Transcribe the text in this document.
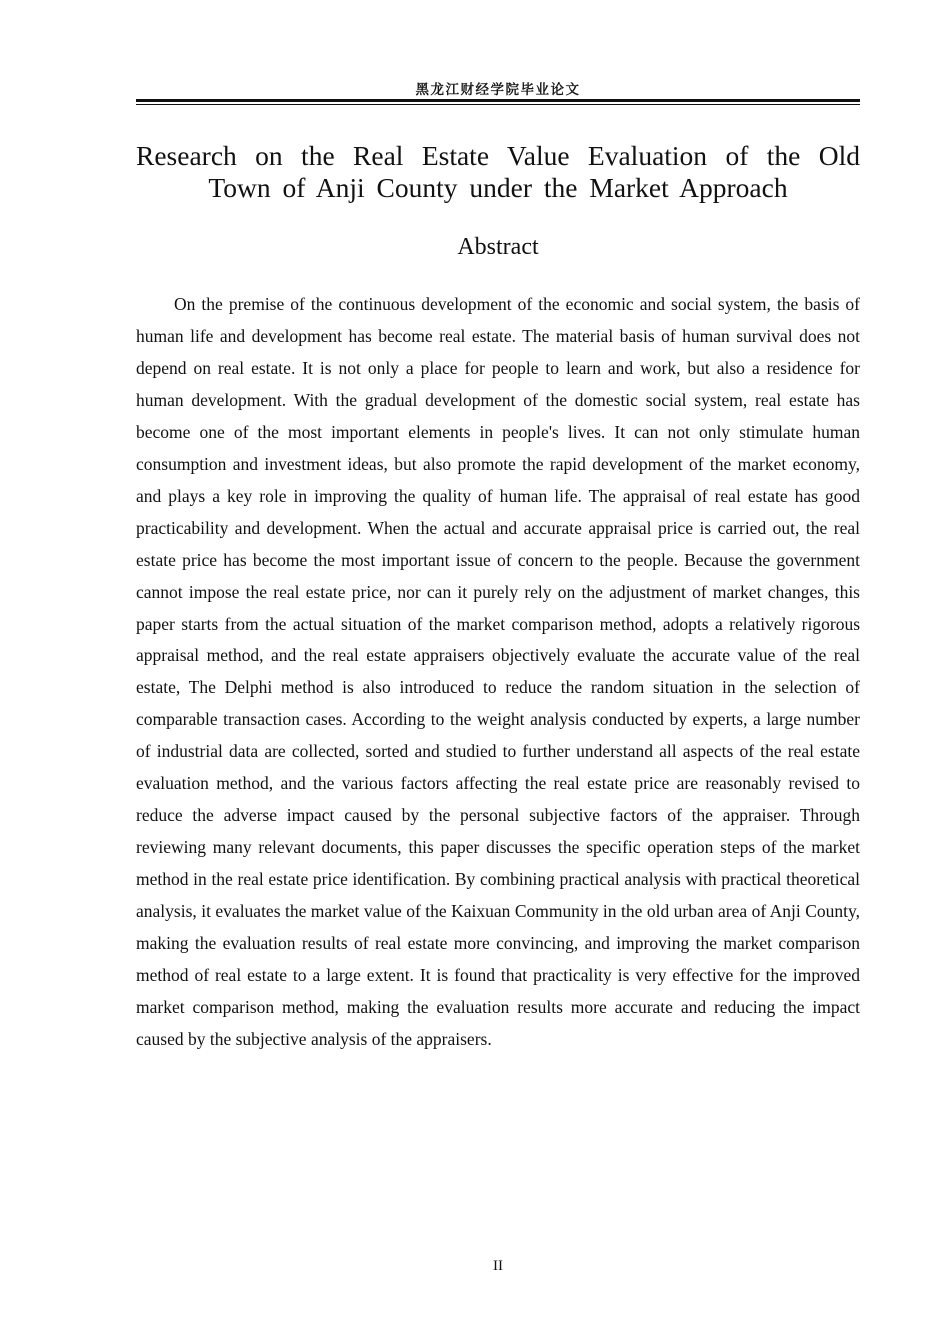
黑龙江财经学院毕业论文
Research on the Real Estate Value Evaluation of the Old Town of Anji County under the Market Approach
Abstract

On the premise of the continuous development of the economic and social system, the basis of human life and development has become real estate. The material basis of human survival does not depend on real estate. It is not only a place for people to learn and work, but also a residence for human development. With the gradual development of the domestic social system, real estate has become one of the most important elements in people's lives. It can not only stimulate human consumption and investment ideas, but also promote the rapid development of the market economy, and plays a key role in improving the quality of human life. The appraisal of real estate has good practicability and development. When the actual and accurate appraisal price is carried out, the real estate price has become the most important issue of concern to the people. Because the government cannot impose the real estate price, nor can it purely rely on the adjustment of market changes, this paper starts from the actual situation of the market comparison method, adopts a relatively rigorous appraisal method, and the real estate appraisers objectively evaluate the accurate value of the real estate, The Delphi method is also introduced to reduce the random situation in the selection of comparable transaction cases. According to the weight analysis conducted by experts, a large number of industrial data are collected, sorted and studied to further understand all aspects of the real estate evaluation method, and the various factors affecting the real estate price are reasonably revised to reduce the adverse impact caused by the personal subjective factors of the appraiser. Through reviewing many relevant documents, this paper discusses the specific operation steps of the market method in the real estate price identification. By combining practical analysis with practical theoretical analysis, it evaluates the market value of the Kaixuan Community in the old urban area of Anji County, making the evaluation results of real estate more convincing, and improving the market comparison method of real estate to a large extent. It is found that practicality is very effective for the improved market comparison method, making the evaluation results more accurate and reducing the impact caused by the subjective analysis of the appraisers.

II
